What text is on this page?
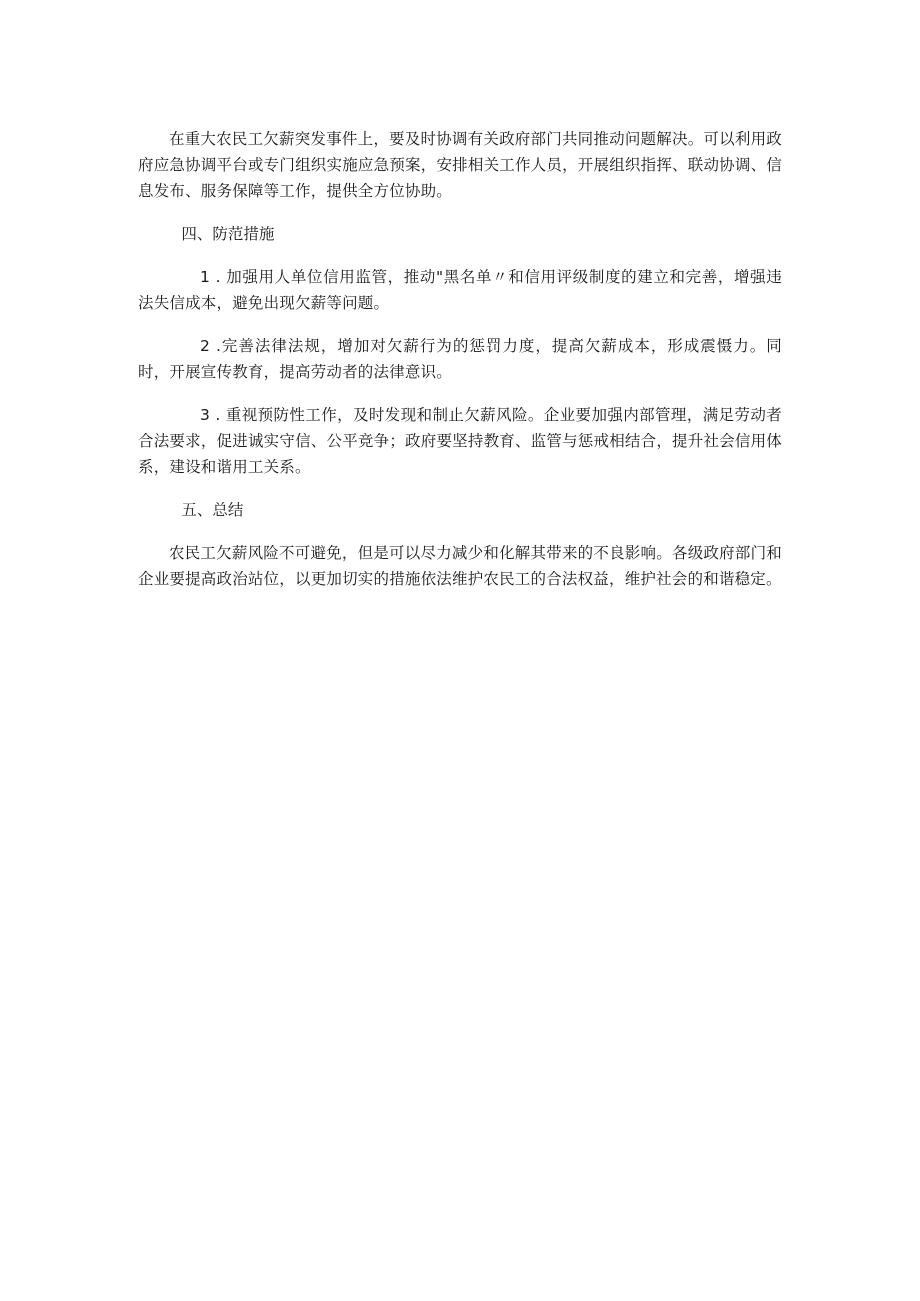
在重大农民工欠薪突发事件上，要及时协调有关政府部门共同推动问题解决。可以利用政府应急协调平台或专门组织实施应急预案，安排相关工作人员，开展组织指挥、联动协调、信息发布、服务保障等工作，提供全方位协助。

四、防范措施

1 . 加强用人单位信用监管，推动"黑名单〃和信用评级制度的建立和完善，增强违法失信成本，避免出现欠薪等问题。

2 .完善法律法规，增加对欠薪行为的惩罚力度，提高欠薪成本，形成震慑力。同时，开展宣传教育，提高劳动者的法律意识。

3 . 重视预防性工作，及时发现和制止欠薪风险。企业要加强内部管理，满足劳动者合法要求，促进诚实守信、公平竞争；政府要坚持教育、监管与惩戒相结合，提升社会信用体系，建设和谐用工关系。

五、总结

农民工欠薪风险不可避免，但是可以尽力减少和化解其带来的不良影响。各级政府部门和企业要提高政治站位，以更加切实的措施依法维护农民工的合法权益，维护社会的和谐稳定。
